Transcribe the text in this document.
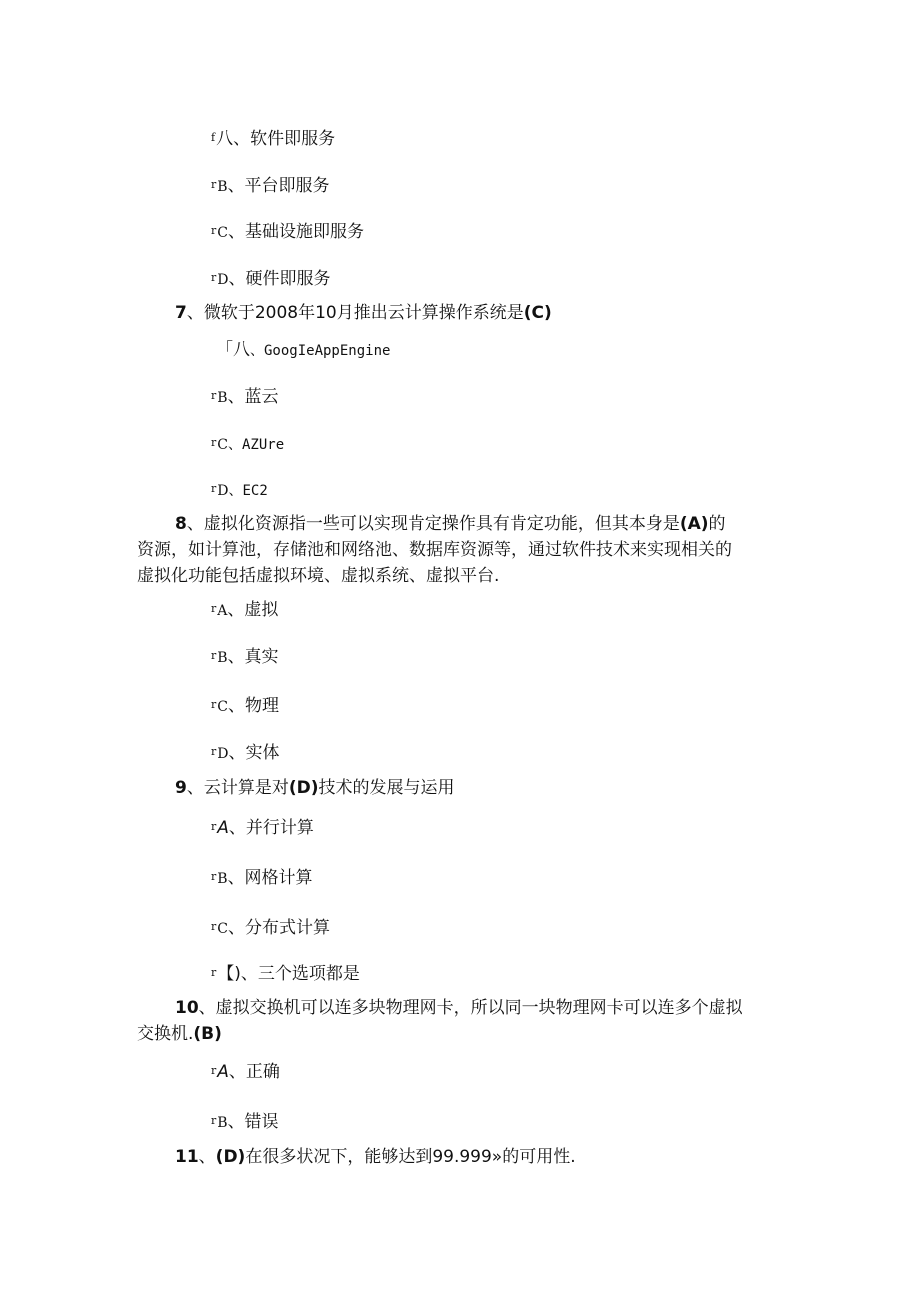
f八、软件即服务
rB、平台即服务
rC、基础设施即服务
rD、硬件即服务
7、微软于2008年10月推出云计算操作系统是(C)
「八、GoogIeAppEngine
rB、蓝云
rC、AZUre
rD、EC2
8、虚拟化资源指一些可以实现肯定操作具有肯定功能，但其本身是(A)的
资源，如计算池，存储池和网络池、数据库资源等，通过软件技术来实现相关的
虚拟化功能包括虚拟环境、虚拟系统、虚拟平台.
rA、虚拟
rB、真实
rC、物理
rD、实体
9、云计算是对(D)技术的发展与运用
rA、并行计算
rB、网格计算
rC、分布式计算
r【)、三个选项都是
10、虚拟交换机可以连多块物理网卡，所以同一块物理网卡可以连多个虚拟
交换机.(B)
rA、正确
rB、错误
11、(D)在很多状况下，能够达到99.999»的可用性.
